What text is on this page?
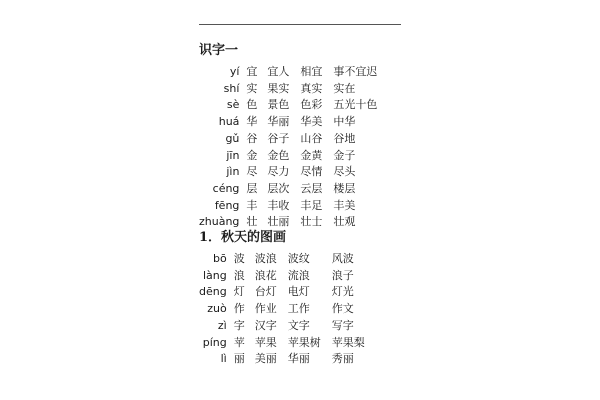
识字一
yí	宜	宜人	相宜	事不宜迟
shí	实	果实	真实	实在
sè	色	景色	色彩	五光十色
huá	华	华丽	华美	中华
gǔ	谷	谷子	山谷	谷地
jīn	金	金色	金黄	金子
jìn	尽	尽力	尽情	尽头
céng	层	层次	云层	楼层
fēng	丰	丰收	丰足	丰美
zhuàng	壮	壮丽	壮士	壮观
1．秋天的图画
bō	波	波浪	波纹	风波
làng	浪	浪花	流浪	浪子
dēng	灯	台灯	电灯	灯光
zuò	作	作业	工作	作文
zì	字	汉字	文字	写字
píng	苹	苹果	苹果树	苹果梨
lì	丽	美丽	华丽	秀丽
